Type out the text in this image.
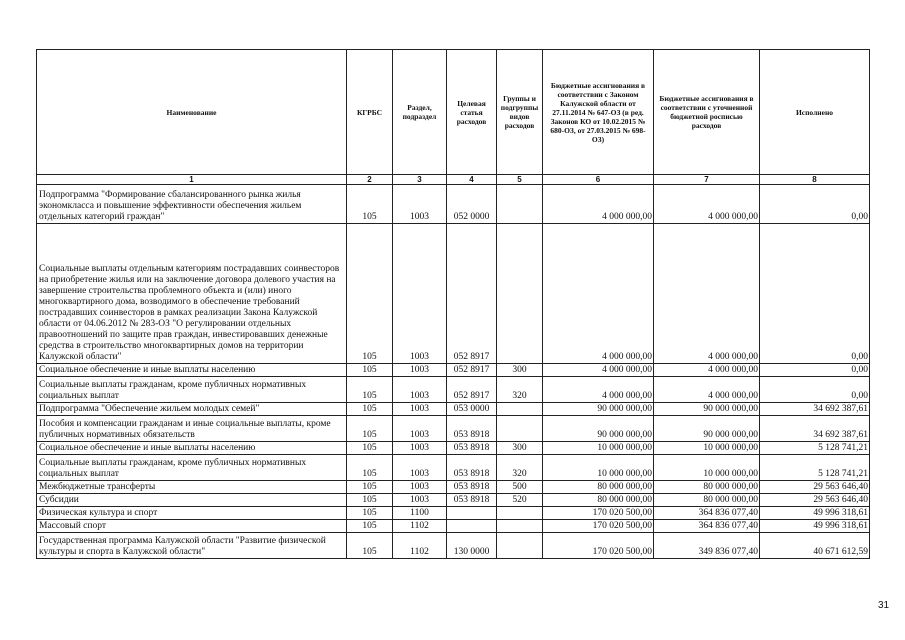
Наименование	КГРБС	Раздел, подраздел	Целевая статья расходов	Группы и подгруппы видов расходов	Бюджетные ассигнования в соответствии с Законом Калужской области от 27.11.2014 № 647-ОЗ (в ред. Законов КО от 10.02.2015 № 680-ОЗ, от 27.03.2015 № 698-ОЗ)	Бюджетные ассигнования в соответствии с уточненной бюджетной росписью расходов	Исполнено
1	2	3	4	5	6	7	8
Подпрограмма "Формирование сбалансированного рынка жилья экономкласса и повышение эффективности обеспечения жильем отдельных категорий граждан"	105	1003	052 0000		4 000 000,00	4 000 000,00	0,00
Социальные выплаты отдельным категориям пострадавших соинвесторов на приобретение жилья или на заключение договора долевого участия на завершение строительства проблемного объекта и (или) иного многоквартирного дома, возводимого в обеспечение требований пострадавших соинвесторов в рамках реализации Закона Калужской области от 04.06.2012 № 283-ОЗ "О регулировании отдельных правоотношений по защите прав граждан, инвестировавших денежные средства в строительство многоквартирных домов на территории Калужской области"	105	1003	052 8917		4 000 000,00	4 000 000,00	0,00
Социальное обеспечение и иные выплаты населению	105	1003	052 8917	300	4 000 000,00	4 000 000,00	0,00
Социальные выплаты гражданам, кроме публичных нормативных социальных выплат	105	1003	052 8917	320	4 000 000,00	4 000 000,00	0,00
Подпрограмма "Обеспечение жильем молодых семей"	105	1003	053 0000		90 000 000,00	90 000 000,00	34 692 387,61
Пособия и компенсации гражданам и иные социальные выплаты, кроме публичных нормативных обязательств	105	1003	053 8918		90 000 000,00	90 000 000,00	34 692 387,61
Социальное обеспечение и иные выплаты населению	105	1003	053 8918	300	10 000 000,00	10 000 000,00	5 128 741,21
Социальные выплаты гражданам, кроме публичных нормативных социальных выплат	105	1003	053 8918	320	10 000 000,00	10 000 000,00	5 128 741,21
Межбюджетные трансферты	105	1003	053 8918	500	80 000 000,00	80 000 000,00	29 563 646,40
Субсидии	105	1003	053 8918	520	80 000 000,00	80 000 000,00	29 563 646,40
Физическая культура и спорт	105	1100			170 020 500,00	364 836 077,40	49 996 318,61
Массовый спорт	105	1102			170 020 500,00	364 836 077,40	49 996 318,61
Государственная программа Калужской области "Развитие физической культуры и спорта в Калужской области"	105	1102	130 0000		170 020 500,00	349 836 077,40	40 671 612,59
31
